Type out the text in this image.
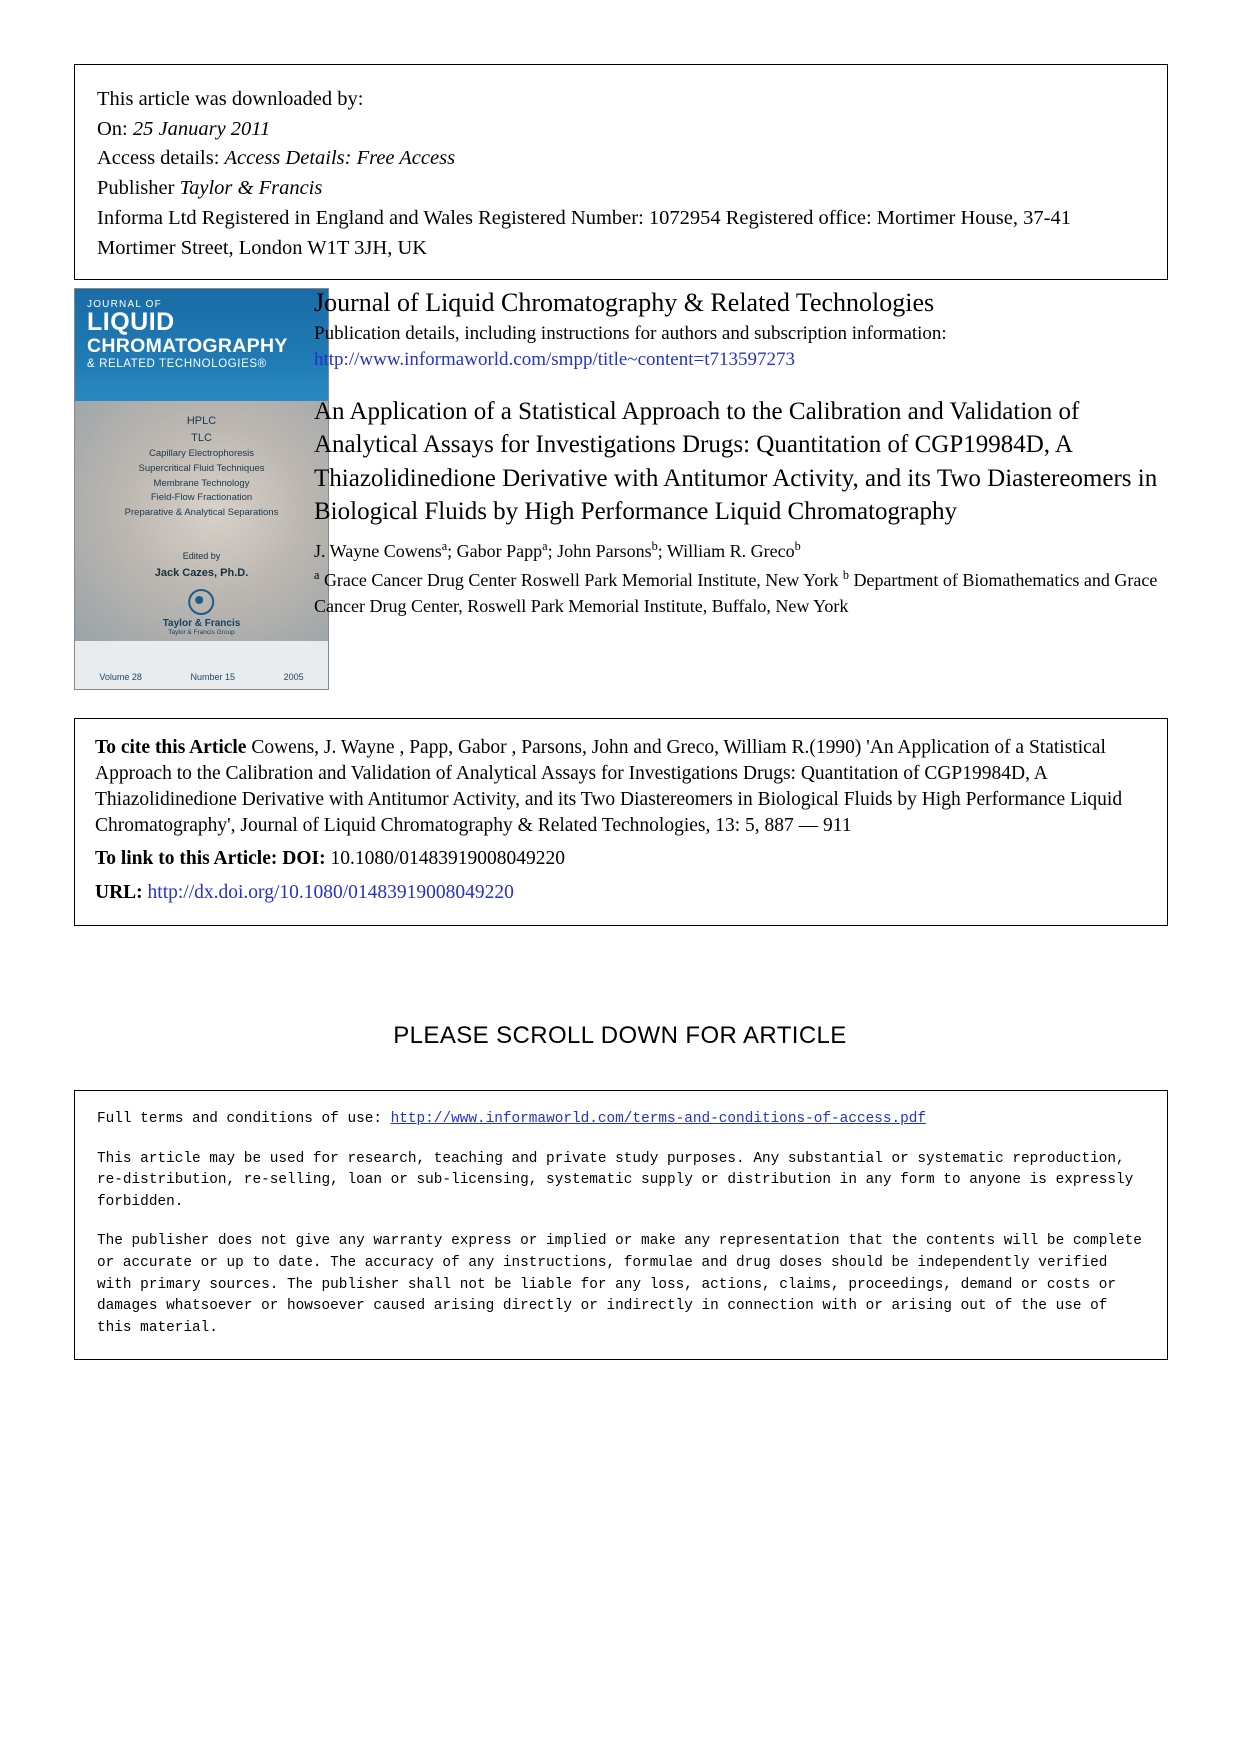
This article was downloaded by:
On: 25 January 2011
Access details: Access Details: Free Access
Publisher Taylor & Francis
Informa Ltd Registered in England and Wales Registered Number: 1072954 Registered office: Mortimer House, 37-41 Mortimer Street, London W1T 3JH, UK
JOURNAL OF
LIQUID
CHROMATOGRAPHY
& RELATED TECHNOLOGIES®
HPLC
TLC
Capillary Electrophoresis
Supercritical Fluid Techniques
Membrane Technology
Field-Flow Fractionation
Preparative & Analytical Separations
Edited by
Jack Cazes, Ph.D.
Taylor & Francis
Taylor & Francis Group
Volume 28	Number 15	2005
Journal of Liquid Chromatography & Related Technologies
Publication details, including instructions for authors and subscription information:
http://www.informaworld.com/smpp/title~content=t713597273
An Application of a Statistical Approach to the Calibration and Validation of Analytical Assays for Investigations Drugs: Quantitation of CGP19984D, A Thiazolidinedione Derivative with Antitumor Activity, and its Two Diastereomers in Biological Fluids by High Performance Liquid Chromatography
J. Wayne Cowens$^a$; Gabor Papp$^a$; John Parsons$^b$; William R. Greco$^b$
$^a$ Grace Cancer Drug Center Roswell Park Memorial Institute, New York $^b$ Department of Biomathematics and Grace Cancer Drug Center, Roswell Park Memorial Institute, Buffalo, New York
To cite this Article Cowens, J. Wayne , Papp, Gabor , Parsons, John and Greco, William R.(1990) 'An Application of a Statistical Approach to the Calibration and Validation of Analytical Assays for Investigations Drugs: Quantitation of CGP19984D, A Thiazolidinedione Derivative with Antitumor Activity, and its Two Diastereomers in Biological Fluids by High Performance Liquid Chromatography', Journal of Liquid Chromatography & Related Technologies, 13: 5, 887 — 911
To link to this Article: DOI: 10.1080/01483919008049220
URL: http://dx.doi.org/10.1080/01483919008049220
PLEASE SCROLL DOWN FOR ARTICLE

Full terms and conditions of use: http://www.informaworld.com/terms-and-conditions-of-access.pdf

This article may be used for research, teaching and private study purposes. Any substantial or systematic reproduction, re-distribution, re-selling, loan or sub-licensing, systematic supply or distribution in any form to anyone is expressly forbidden.

The publisher does not give any warranty express or implied or make any representation that the contents will be complete or accurate or up to date. The accuracy of any instructions, formulae and drug doses should be independently verified with primary sources. The publisher shall not be liable for any loss, actions, claims, proceedings, demand or costs or damages whatsoever or howsoever caused arising directly or indirectly in connection with or arising out of the use of this material.
